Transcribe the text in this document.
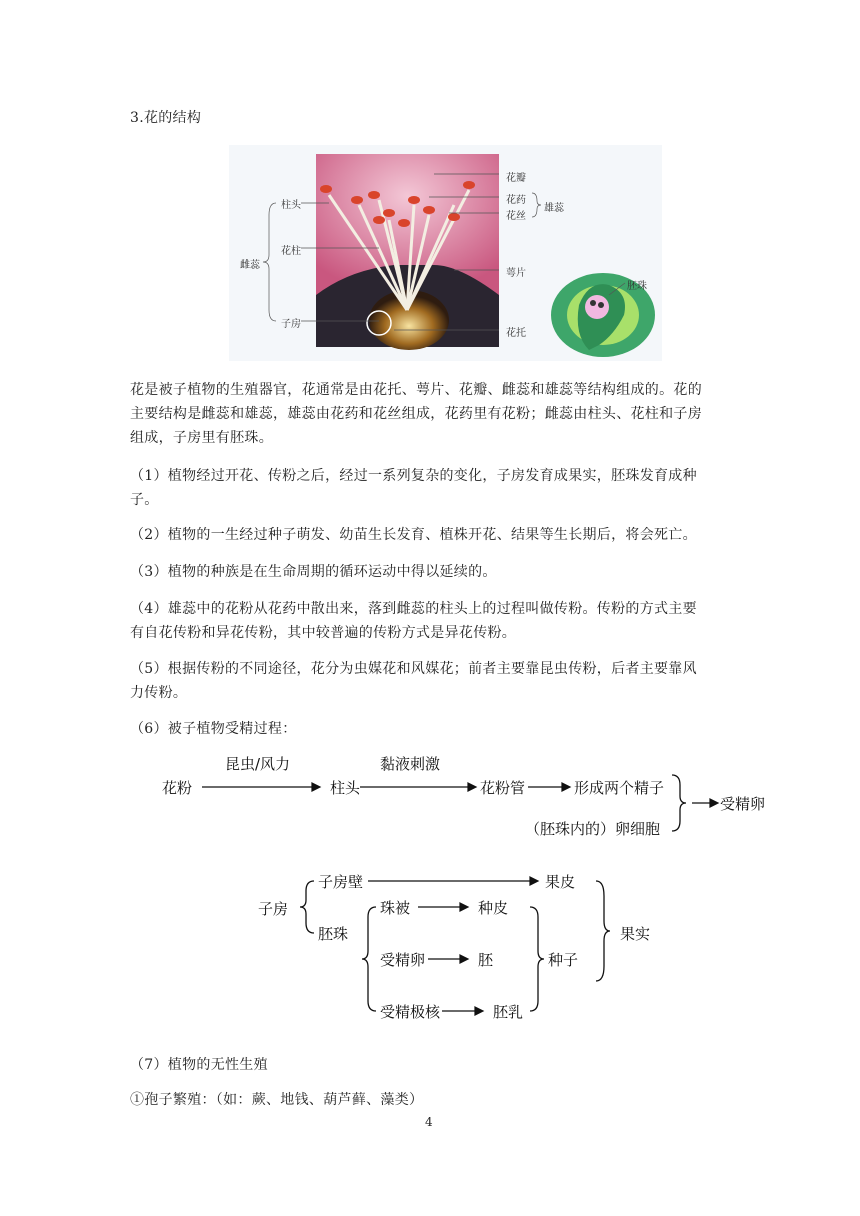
3.花的结构
花瓣
花药
花丝
雄蕊
柱头
花柱
雌蕊
萼片
子房
花托
胚珠
花是被子植物的生殖器官，花通常是由花托、萼片、花瓣、雌蕊和雄蕊等结构组成的。花的
主要结构是雌蕊和雄蕊，雄蕊由花药和花丝组成，花药里有花粉；雌蕊由柱头、花柱和子房
组成，子房里有胚珠。
（1）植物经过开花、传粉之后，经过一系列复杂的变化，子房发育成果实，胚珠发育成种
子。
（2）植物的一生经过种子萌发、幼苗生长发育、植株开花、结果等生长期后，将会死亡。
（3）植物的种族是在生命周期的循环运动中得以延续的。
（4）雄蕊中的花粉从花药中散出来，落到雌蕊的柱头上的过程叫做传粉。传粉的方式主要
有自花传粉和异花传粉，其中较普遍的传粉方式是异花传粉。
（5）根据传粉的不同途径，花分为虫媒花和风媒花；前者主要靠昆虫传粉，后者主要靠风
力传粉。
（6）被子植物受精过程：
花粉
昆虫/风力
柱头
黏液刺激
花粉管	形成两个精子
（胚珠内的）卵细胞
受精卵
子房
子房壁	果皮
胚珠
珠被	种皮
受精卵	胚
受精极核	胚乳
种子
果实
（7）植物的无性生殖
①孢子繁殖：（如：蕨、地钱、葫芦藓、藻类）
4
